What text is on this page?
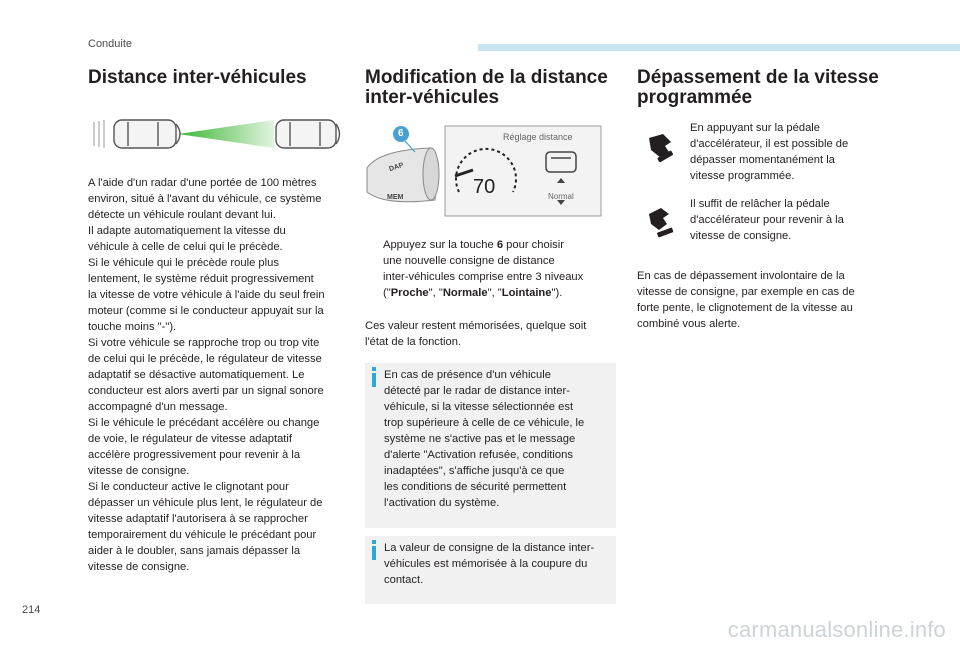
Conduite
Distance inter-véhicules
A l'aide d'un radar d'une portée de 100 mètres
environ, situé à l'avant du véhicule, ce système
détecte un véhicule roulant devant lui.
Il adapte automatiquement la vitesse du
véhicule à celle de celui qui le précède.
Si le véhicule qui le précède roule plus
lentement, le système réduit progressivement
la vitesse de votre véhicule à l'aide du seul frein
moteur (comme si le conducteur appuyait sur la
touche moins "-").
Si votre véhicule se rapproche trop ou trop vite
de celui qui le précède, le régulateur de vitesse
adaptatif se désactive automatiquement. Le
conducteur est alors averti par un signal sonore
accompagné d'un message.
Si le véhicule le précédant accélère ou change
de voie, le régulateur de vitesse adaptatif
accélère progressivement pour revenir à la
vitesse de consigne.
Si le conducteur active le clignotant pour
dépasser un véhicule plus lent, le régulateur de
vitesse adaptatif l'autorisera à se rapprocher
temporairement du véhicule le précédant pour
aider à le doubler, sans jamais dépasser la
vitesse de consigne.
Modification de la distance inter-véhicules
6
DAP
MEM
Réglage distance
70	Normal
Appuyez sur la touche 6 pour choisir
une nouvelle consigne de distance
inter-véhicules comprise entre 3 niveaux
("Proche", "Normale", "Lointaine").
Ces valeur restent mémorisées, quelque soit
l'état de la fonction.
En cas de présence d'un véhicule
détecté par le radar de distance inter-
véhicule, si la vitesse sélectionnée est
trop supérieure à celle de ce véhicule, le
système ne s'active pas et le message
d'alerte "Activation refusée, conditions
inadaptées", s'affiche jusqu'à ce que
les conditions de sécurité permettent
l'activation du système.
La valeur de consigne de la distance inter-
véhicules est mémorisée à la coupure du
contact.
Dépassement de la vitesse programmée
En appuyant sur la pédale
d'accélérateur, il est possible de
dépasser momentanément la
vitesse programmée.
Il suffit de relâcher la pédale
d'accélérateur pour revenir à la
vitesse de consigne.
En cas de dépassement involontaire de la
vitesse de consigne, par exemple en cas de
forte pente, le clignotement de la vitesse au
combiné vous alerte.
214
carmanualsonline.info
